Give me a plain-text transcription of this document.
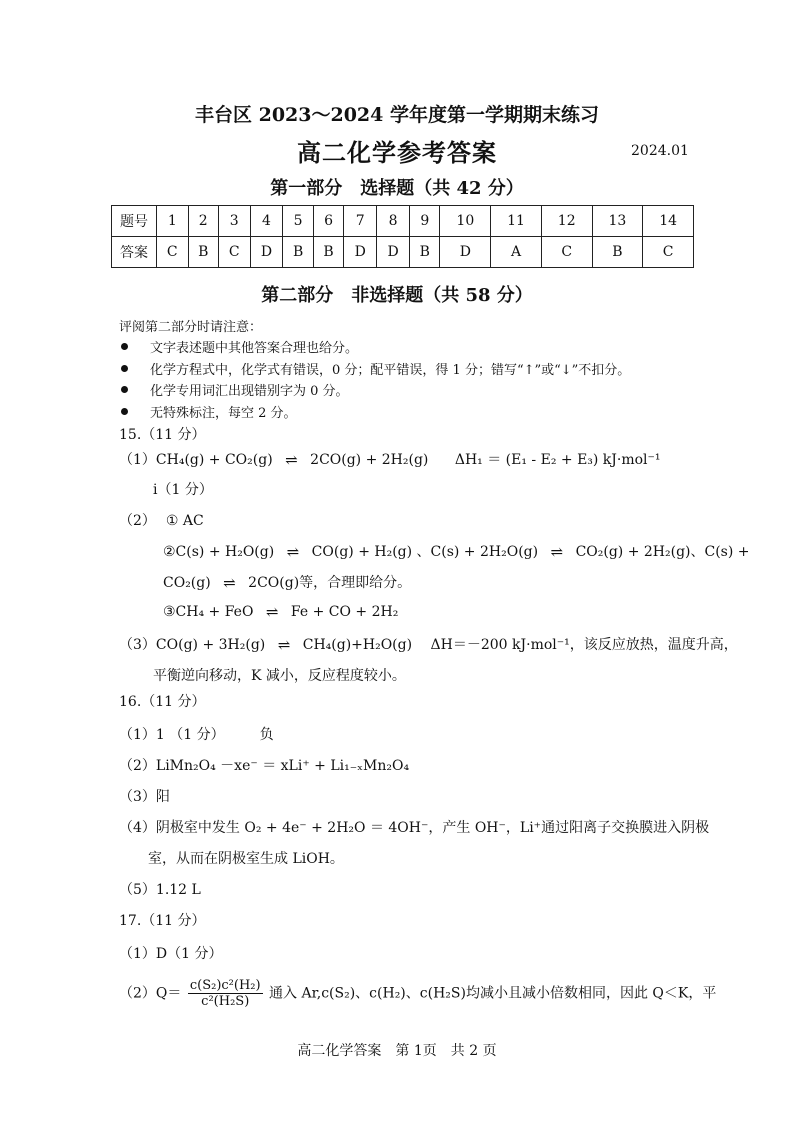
丰台区 2023～2024 学年度第一学期期末练习
高二化学参考答案	2024.01
第一部分　选择题（共 42 分）
题号	1	2	3	4	5	6	7	8	9	10	11	12	13	14
答案	C	B	C	D	B	B	D	D	B	D	A	C	B	C
第二部分　非选择题（共 58 分）
评阅第二部分时请注意：
文字表述题中其他答案合理也给分。
化学方程式中，化学式有错误，0 分；配平错误，得 1 分；错写“↑”或“↓”不扣分。
化学专用词汇出现错别字为 0 分。
无特殊标注，每空 2 分。
15.（11 分）
（1）CH₄(g) + CO₂(g) ⇌ 2CO(g) + 2H₂(g) ΔH₁ ＝ (E₁ - E₂ + E₃) kJ·mol⁻¹
i（1 分）
（2） ① AC
②C(s) + H₂O(g) ⇌ CO(g) + H₂(g) 、C(s) + 2H₂O(g) ⇌ CO₂(g) + 2H₂(g)、C(s) +
CO₂(g) ⇌ 2CO(g)等，合理即给分。
③CH₄ + FeO ⇌ Fe + CO + 2H₂
（3）CO(g) + 3H₂(g) ⇌ CH₄(g)+H₂O(g) ΔH＝－200 kJ·mol⁻¹，该反应放热，温度升高，
平衡逆向移动，K 减小，反应程度较小。
16.（11 分）
（1）1 （1 分）　　　负
（2）LiMn₂O₄ －xe⁻ ＝ xLi⁺ + Li₁₋ₓMn₂O₄
（3）阳
（4）阴极室中发生 O₂ + 4e⁻ + 2H₂O ＝ 4OH⁻，产生 OH⁻，Li⁺通过阳离子交换膜进入阴极
室，从而在阴极室生成 LiOH。
（5）1.12 L
17.（11 分）
（1）D（1 分）
$(2)Q= \frac{\text{c(S₂)c²(H₂)}}{\text{c²(H₂S)}}$ 通入 Ar,c(S₂)、c(H₂)、c(H₂S)均减小且减小倍数相同，因此 Q＜K，平
高二化学答案　第 1页　共 2 页
